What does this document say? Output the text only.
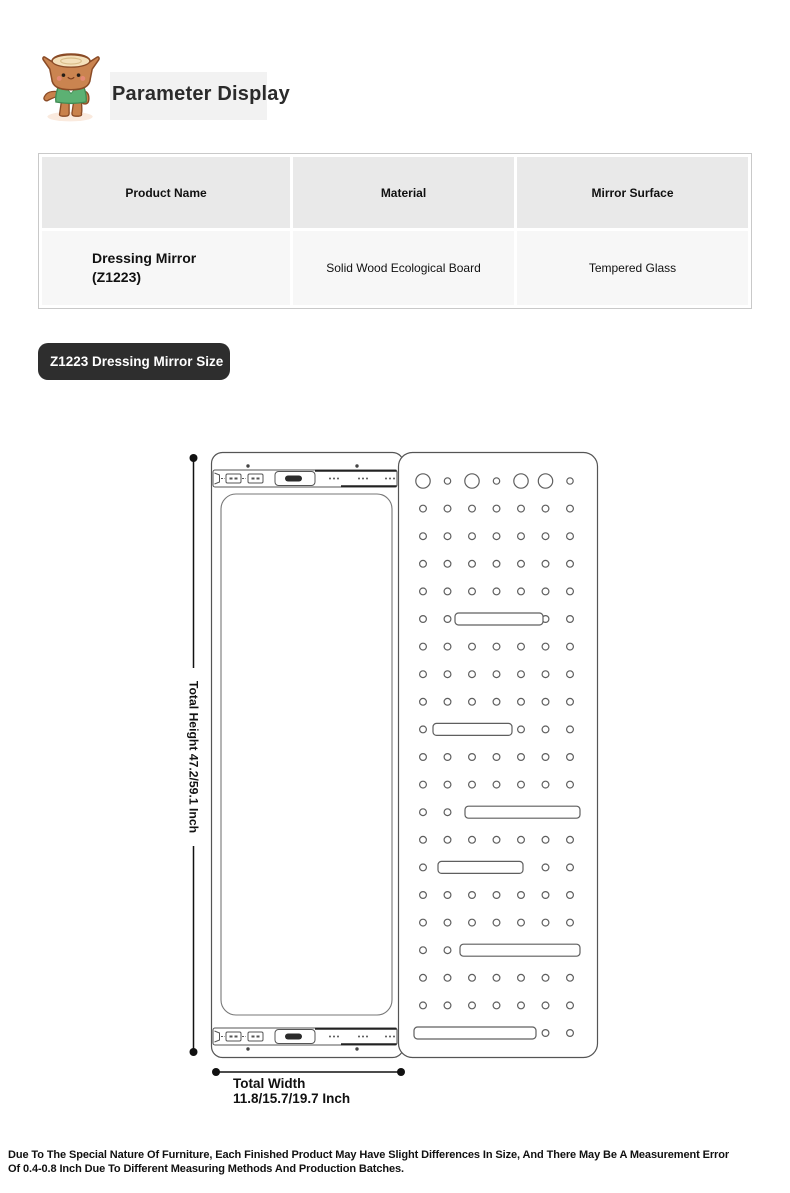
Parameter Display
Product Name	Material	Mirror Surface
Dressing Mirror
(Z1223)	Solid Wood Ecological Board	Tempered Glass
Z1223 Dressing Mirror Size
Total Height 47.2/59.1 Inch
Total Width
11.8/15.7/19.7 Inch

Due To The Special Nature Of Furniture, Each Finished Product May Have Slight Differences In Size, And There May Be A Measurement Error

Of 0.4-0.8 Inch Due To Different Measuring Methods And Production Batches.
